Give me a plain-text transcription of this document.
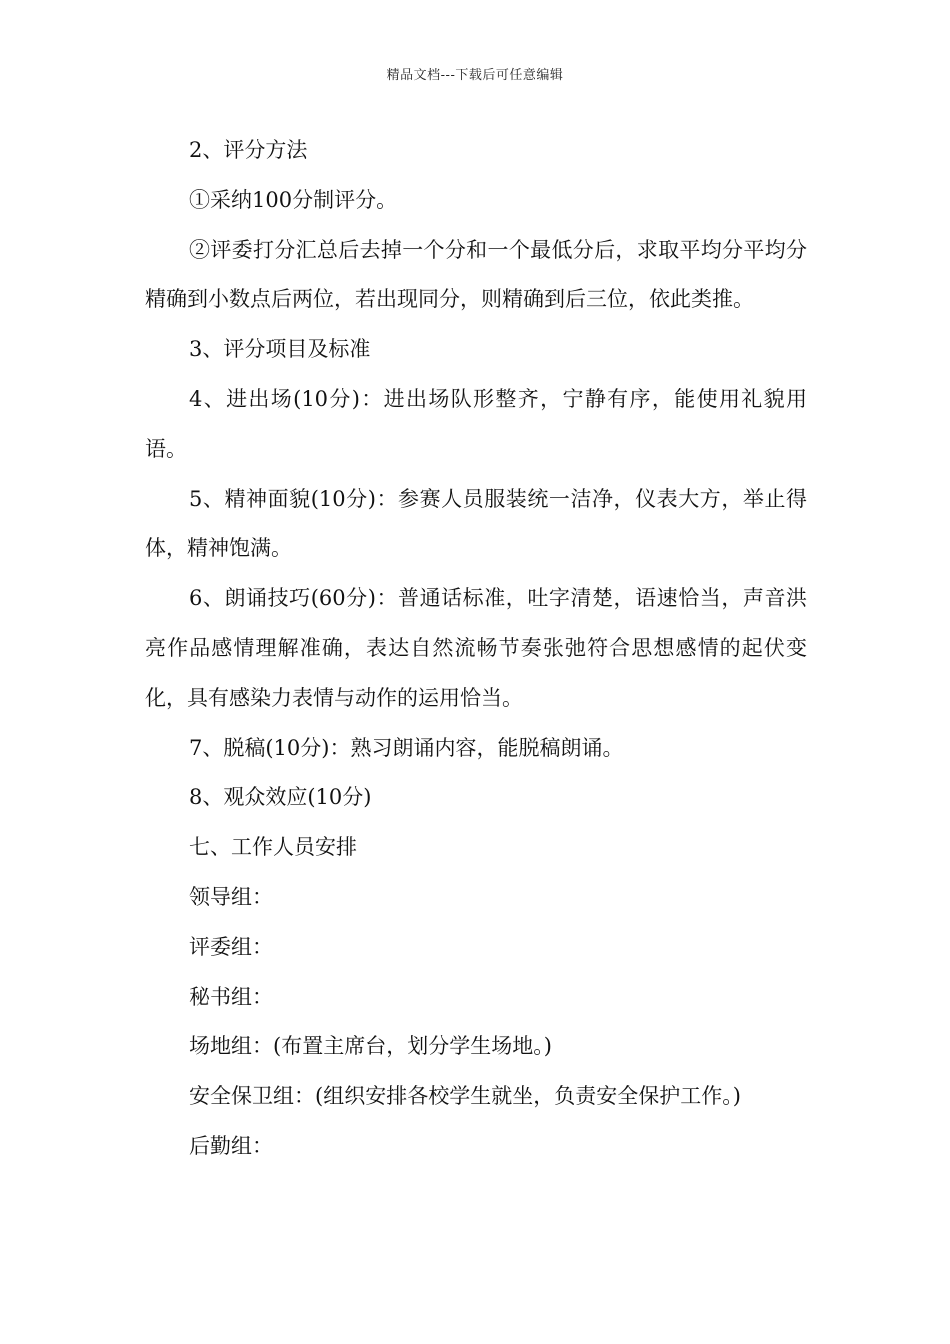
精品文档---下载后可任意编辑

2、评分方法

①采纳100分制评分。

②评委打分汇总后去掉一个分和一个最低分后，求取平均分平均分精确到小数点后两位，若出现同分，则精确到后三位，依此类推。

3、评分项目及标准

4、进出场(10分)：进出场队形整齐，宁静有序，能使用礼貌用语。

5、精神面貌(10分)：参赛人员服装统一洁净，仪表大方，举止得体，精神饱满。

6、朗诵技巧(60分)：普通话标准，吐字清楚，语速恰当，声音洪亮作品感情理解准确，表达自然流畅节奏张弛符合思想感情的起伏变化，具有感染力表情与动作的运用恰当。

7、脱稿(10分)：熟习朗诵内容，能脱稿朗诵。

8、观众效应(10分)

七、工作人员安排

领导组：

评委组：

秘书组：

场地组：(布置主席台，划分学生场地。)

安全保卫组：(组织安排各校学生就坐，负责安全保护工作。)

后勤组：
